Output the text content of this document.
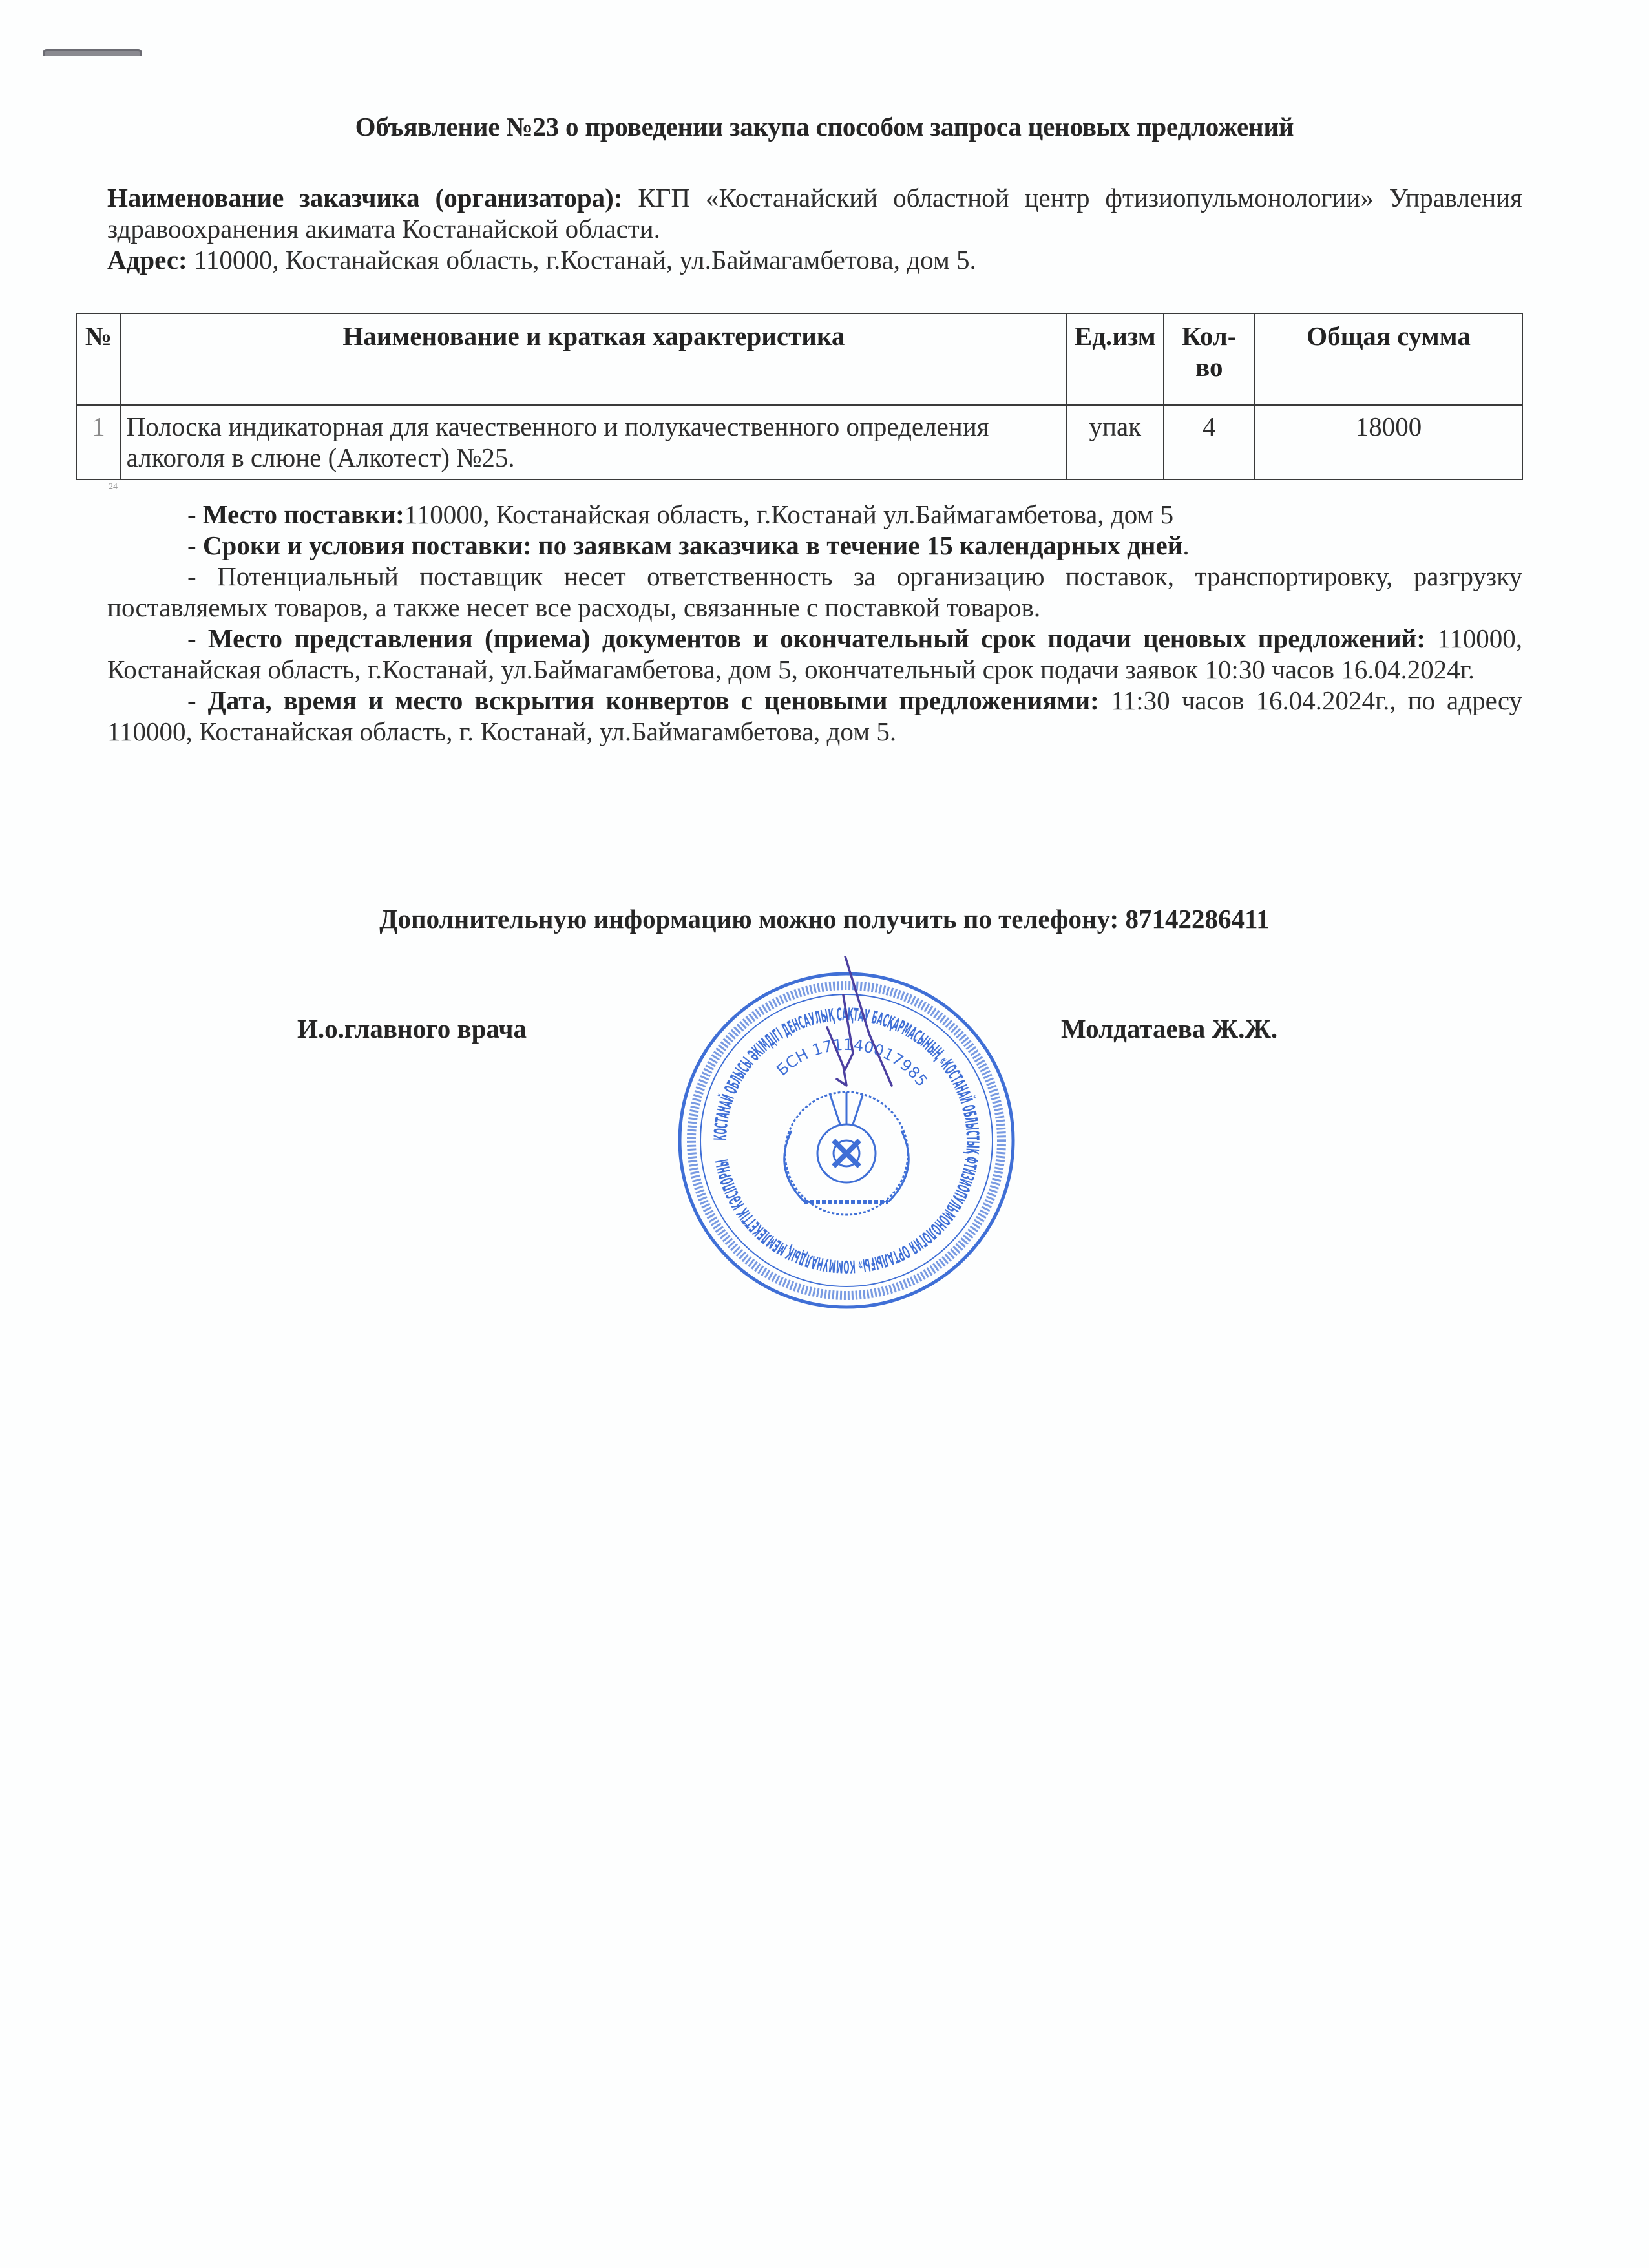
Объявление №23 о проведении закупа способом запроса ценовых предложений
Наименование заказчика (организатора): КГП «Костанайский областной центр фтизиопульмонологии» Управления здравоохранения акимата Костанайской области.
Адрес: 110000, Костанайская область, г.Костанай, ул.Баймагамбетова, дом 5.
№	Наименование и краткая характеристика	Ед.изм	Кол-во	Общая сумма
1	Полоска индикаторная для качественного и полукачественного определения алкоголя в слюне (Алкотест) №25.	упак	4	18000
24
- Место поставки:110000, Костанайская область, г.Костанай ул.Баймагамбетова, дом 5
- Сроки и условия поставки: по заявкам заказчика в течение 15 календарных дней.
- Потенциальный поставщик несет ответственность за организацию поставок, транспортировку, разгрузку поставляемых товаров, а также несет все расходы, связанные с поставкой товаров.
- Место представления (приема) документов и окончательный срок подачи ценовых предложений: 110000, Костанайская область, г.Костанай, ул.Баймагамбетова, дом 5, окончательный срок подачи заявок 10:30 часов 16.04.2024г.
- Дата, время и место вскрытия конвертов с ценовыми предложениями: 11:30 часов 16.04.2024г., по адресу 110000, Костанайская область, г. Костанай, ул.Баймагамбетова, дом 5.
Дополнительную информацию можно получить по телефону: 87142286411
И.о.главного врача	Молдатаева Ж.Ж.
КОСТАНАЙ ОБЛЫСЫ ӘКІМДІГІ ДЕНСАУЛЫҚ САҚТАУ БАСҚАРМАСЫНЫҢ «КОСТАНАЙ ОБЛЫСТЫҚ ФТИЗИОПУЛЬМОНОЛОГИЯ ОРТАЛЫҒЫ» КОММУНАЛДЫҚ МЕМЛЕКЕТТІК КӘСІПОРНЫ
БСН 171140017985
